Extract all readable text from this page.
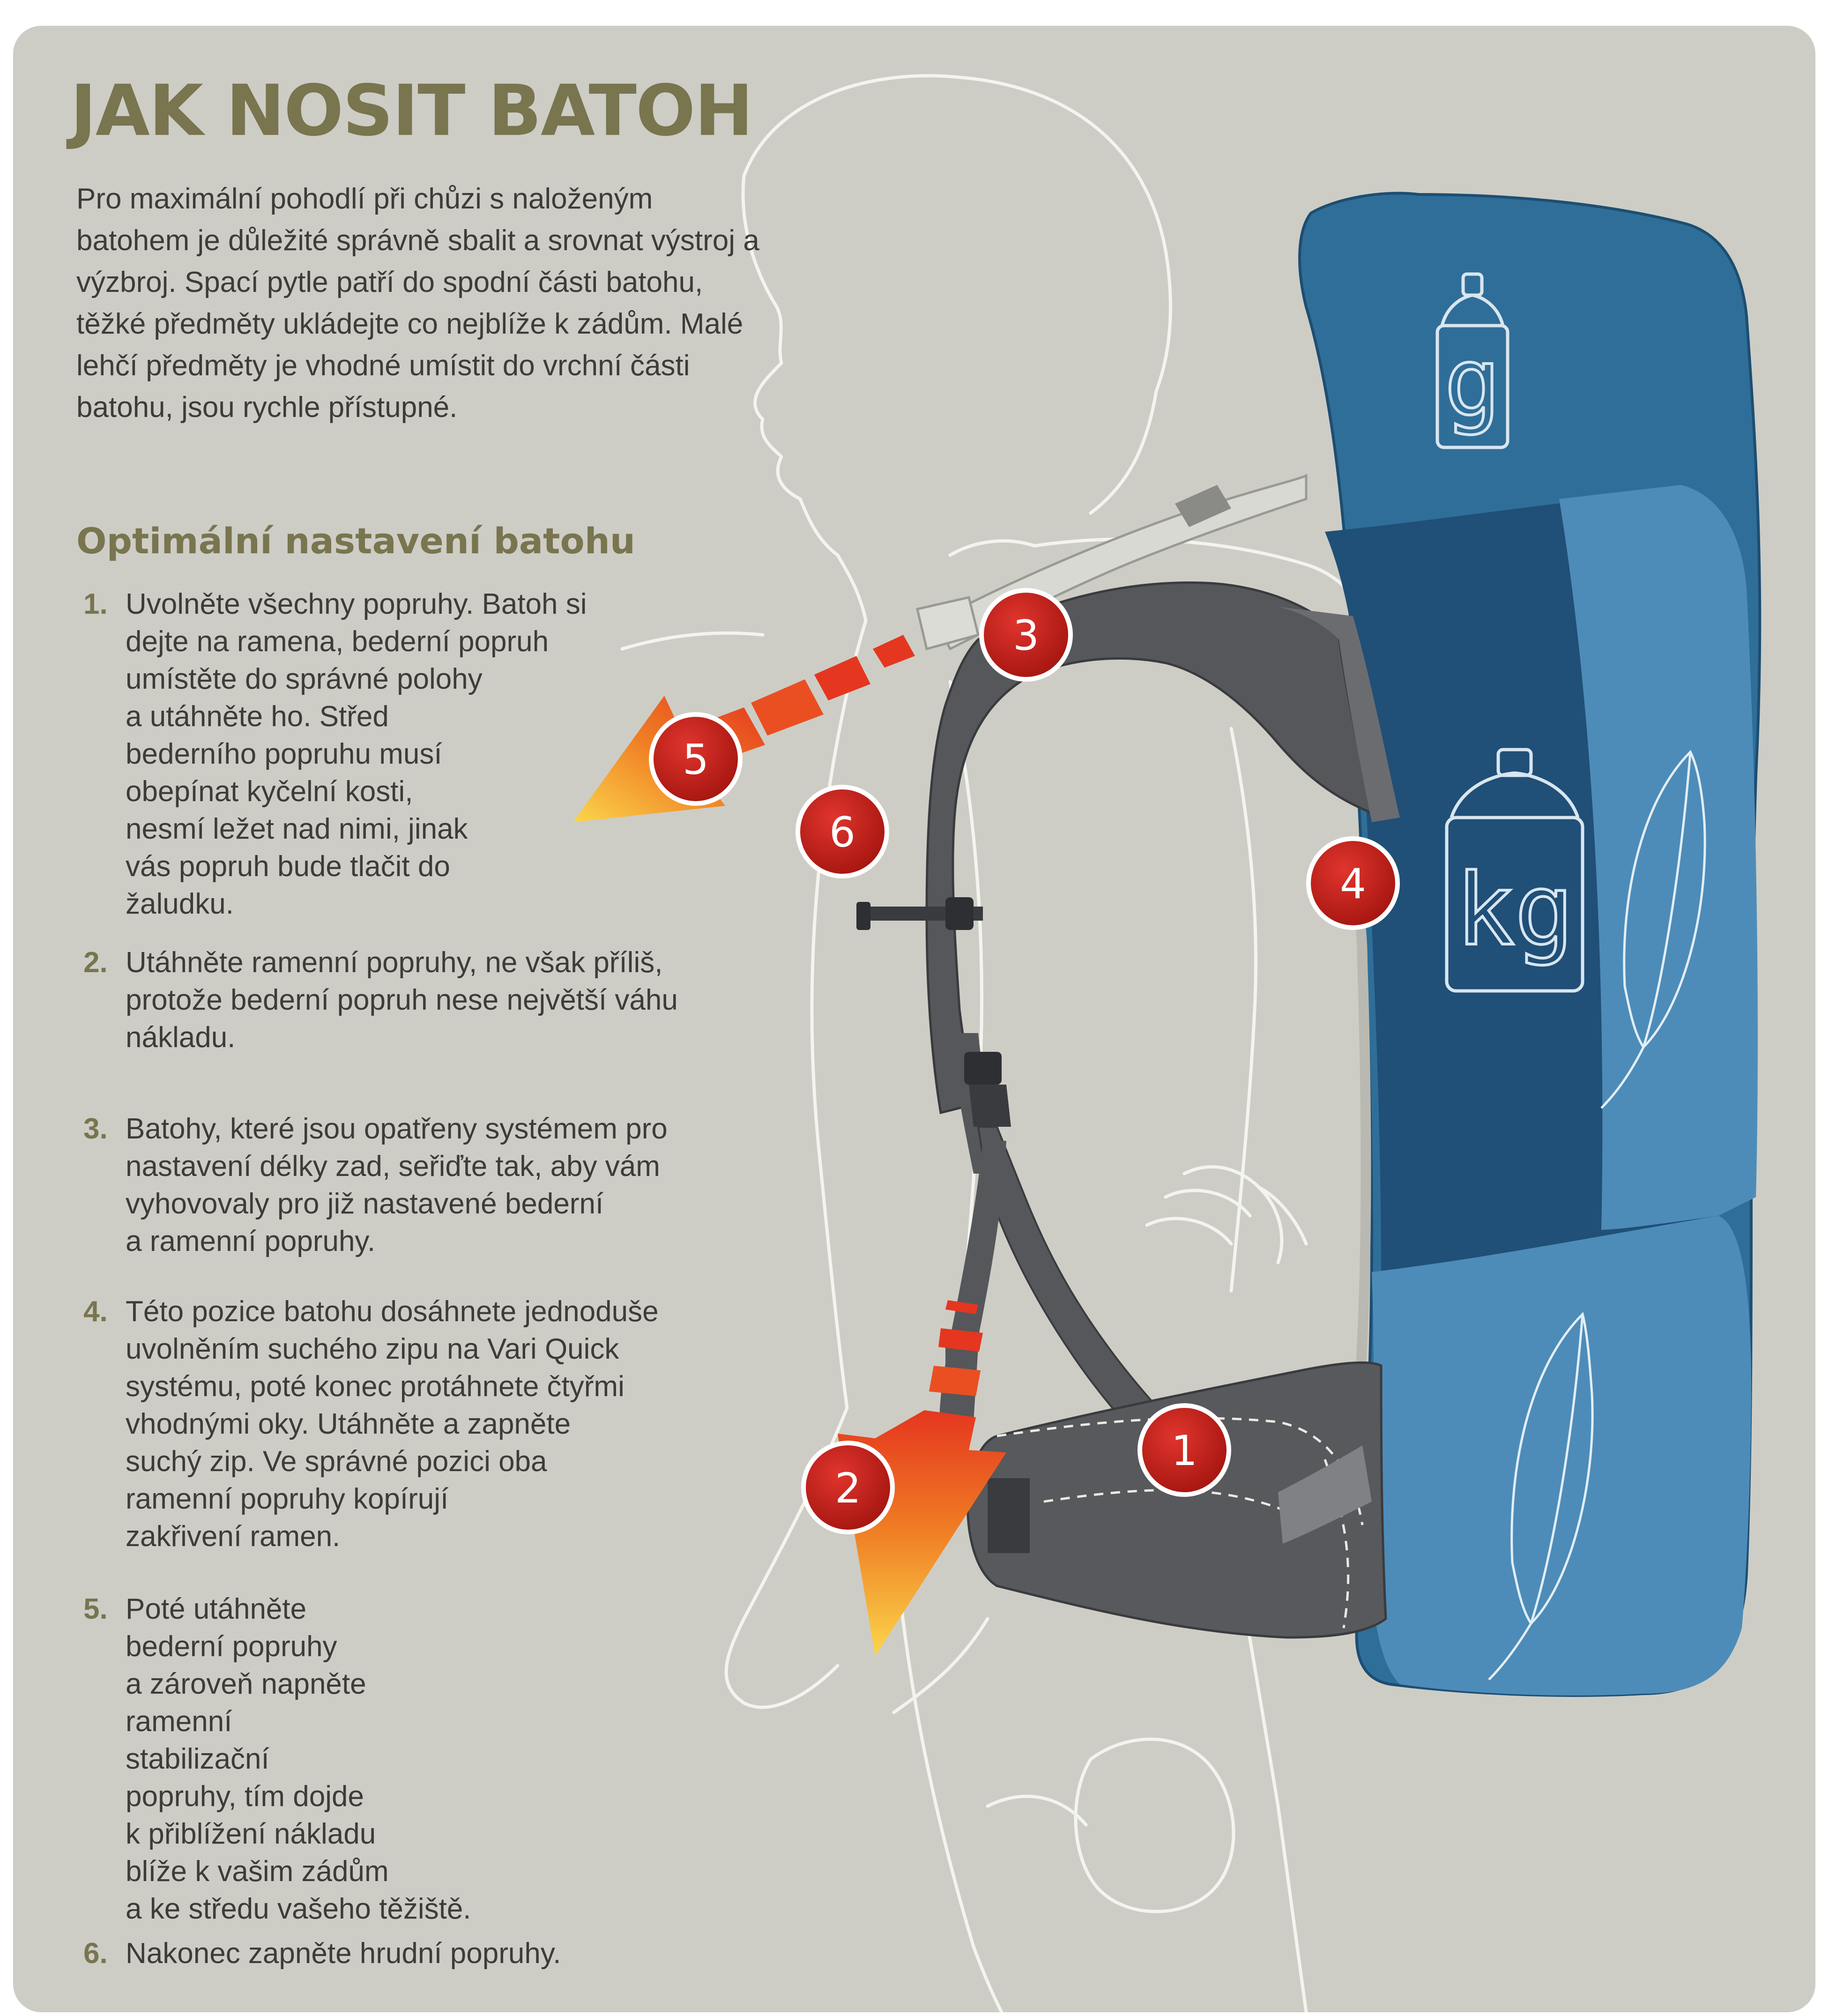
g
kg
1
2
3
4
5
6
JAK NOSIT BATOH

Pro maximální pohodlí při chůzi s naloženým batohem je důležité správně sbalit a srovnat výstroj a výzbroj. Spací pytle patří do spodní části batohu, těžké předměty ukládejte co nejblíže k zádům. Malé lehčí předměty je vhodné umístit do vrchní části batohu, jsou rychle přístupné.

Optimální nastavení batohu
1. Uvolněte všechny popruhy. Batoh si
dejte na ramena, bederní popruh
umístěte do správné polohy
a utáhněte ho. Střed
bederního popruhu musí
obepínat kyčelní kosti,
nesmí ležet nad nimi, jinak
vás popruh bude tlačit do
žaludku.
2. Utáhněte ramenní popruhy, ne však příliš,
protože bederní popruh nese největší váhu
nákladu.
3. Batohy, které jsou opatřeny systémem pro
nastavení délky zad, seřiďte tak, aby vám
vyhovovaly pro již nastavené bederní
a ramenní popruhy.
4. Této pozice batohu dosáhnete jednoduše
uvolněním suchého zipu na Vari Quick
systému, poté konec protáhnete čtyřmi
vhodnými oky. Utáhněte a zapněte
suchý zip. Ve správné pozici oba
ramenní popruhy kopírují
zakřivení ramen.
5. Poté utáhněte
bederní popruhy
a zároveň napněte
ramenní
stabilizační
popruhy, tím dojde
k přiblížení nákladu
blíže k vašim zádům
a ke středu vašeho těžiště.
6. Nakonec zapněte hrudní popruhy.
